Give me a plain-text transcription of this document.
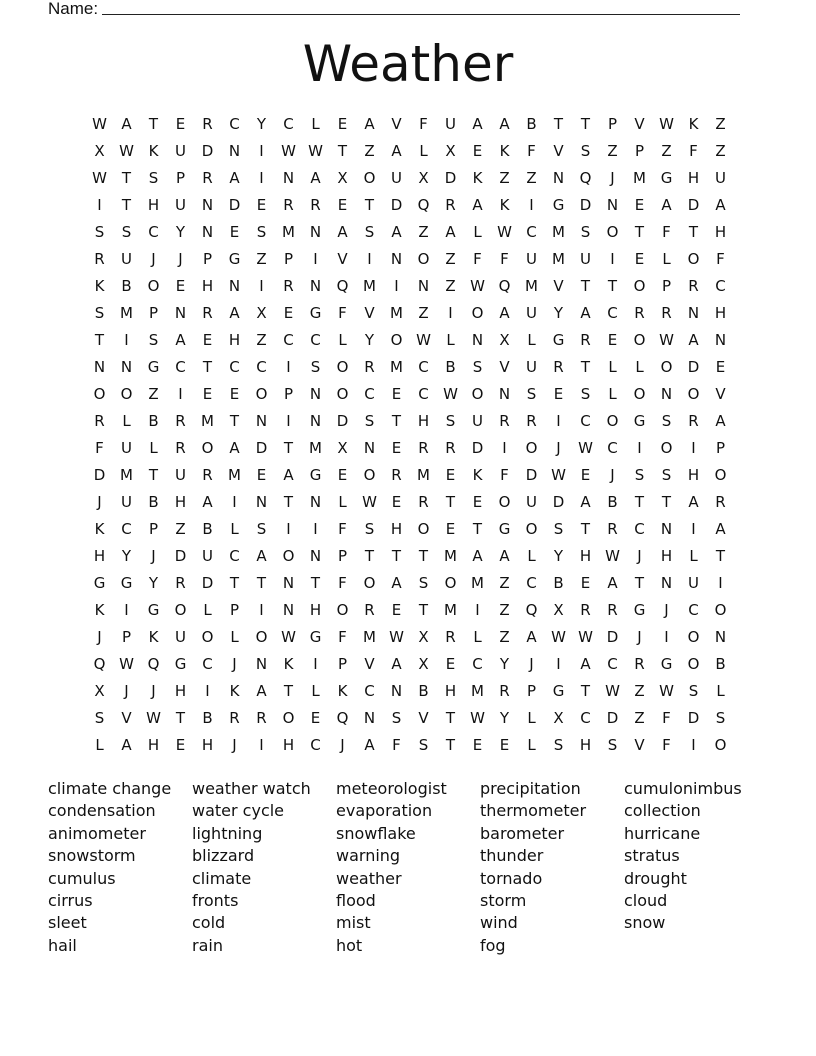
Name:
Weather
W A	T	E	R	C	Y	C	L	E	A	V	F	U	A	A	B	T	T	P	V W K	Z
X W K	U	D	N	I	W W T	Z	A	L	X	E	K	F	V	S	Z	P	Z	F	Z
W T	S	P	R	A	I	N	A	X	O	U	X	D	K	Z	Z	N	Q	J	M G	H	U
I	T	H	U	N	D	E	R	R	E	T	D	Q	R	A	K	I	G	D	N	E	A	D	A
S	S	C	Y	N	E	S	M N	A	S	A	Z	A	L	W C	M	S	O	T	F	T	H
R	U	J	J	P	G	Z	P	I	V	I	N	O	Z	F	F	U	M	U	I	E	L	O	F
K	B	O	E	H	N	I	R	N	Q M	I	N	Z W Q M	V	T	T	O	P	R	C
S	M	P	N	R	A	X	E	G	F	V	M	Z	I	O	A	U	Y	A	C	R	R	N	H
T	I	S	A	E	H	Z	C	C	L	Y	O W	L	N	X	L	G	R	E	O W A	N
N	N	G	C	T	C	C	I	S	O	R	M	C	B	S	V	U	R	T	L	L	O	D	E
O	O	Z	I	E	E	O	P	N	O	C	E	C W O	N	S	E	S	L	O	N	O	V
R	L	B	R	M	T	N	I	N	D	S	T	H	S	U	R	R	I	C	O	G	S	R	A
F	U	L	R	O	A	D	T	M	X	N	E	R	R	D	I	O	J	W C	I	O	I	P
D M	T	U	R	M	E	A	G	E	O	R	M	E	K	F	D W E	J	S	S	H	O
J	U	B	H	A	I	N	T	N	L	W E	R	T	E	O	U	D	A	B	T	T	A	R
K	C	P	Z	B	L	S	I	I	F	S	H	O	E	T	G	O	S	T	R	C	N	I	A
H	Y	J	D	U	C	A	O	N	P	T	T	T	M	A	A	L	Y	H W	J	H	L	T
G	G	Y	R	D	T	T	N	T	F	O	A	S	O M	Z	C	B	E	A	T	N	U	I
K	I	G	O	L	P	I	N	H	O	R	E	T	M	I	Z	Q	X	R	R	G	J	C	O
J	P	K	U	O	L	O W G	F	M W X	R	L	Z	A W W D	J	I	O	N
Q W Q	G	C	J	N	K	I	P	V	A	X	E	C	Y	J	I	A	C	R	G	O	B
X	J	J	H	I	K	A	T	L	K	C	N	B	H M	R	P	G	T	W Z W S	L
S	V W T	B	R	R	O	E	Q	N	S	V	T	W Y	L	X	C	D	Z	F	D	S
L	A	H	E	H	J	I	H	C	J	A	F	S	T	E	E	L	S	H	S	V	F	I	O
climate change
condensation
animometer
snowstorm
cumulus
cirrus
sleet
hail
weather watch
water cycle
lightning
blizzard
climate
fronts
cold
rain
meteorologist
evaporation
snowflake
warning
weather
flood
mist
hot
precipitation
thermometer
barometer
thunder
tornado
storm
wind
fog
cumulonimbus
collection
hurricane
stratus
drought
cloud
snow
